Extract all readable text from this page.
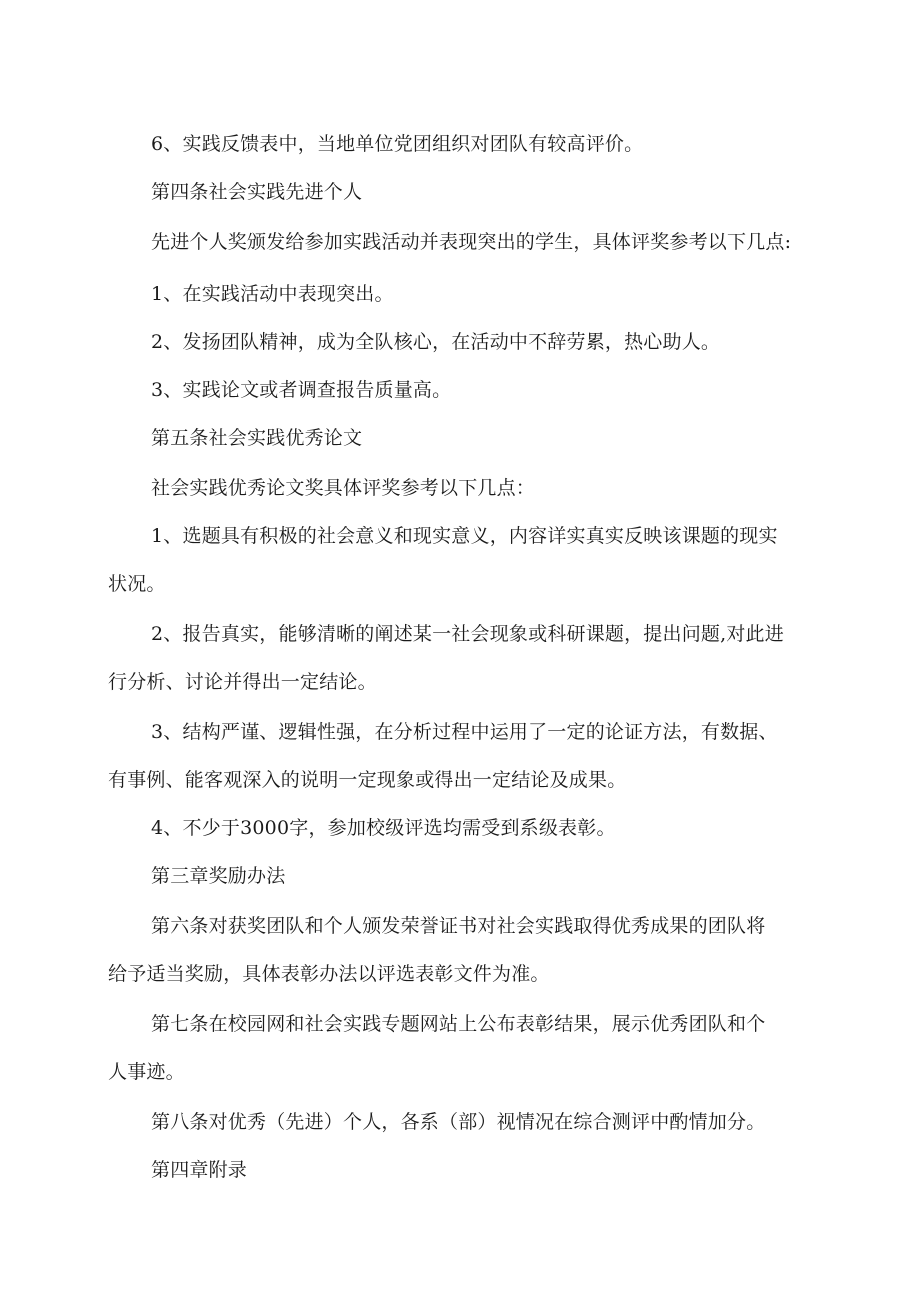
6、实践反馈表中，当地单位党团组织对团队有较高评价。

第四条社会实践先进个人

先进个人奖颁发给参加实践活动并表现突出的学生，具体评奖参考以下几点:

1、在实践活动中表现突出。

2、发扬团队精神，成为全队核心，在活动中不辞劳累，热心助人。

3、实践论文或者调查报告质量高。

第五条社会实践优秀论文

社会实践优秀论文奖具体评奖参考以下几点：

1、选题具有积极的社会意义和现实意义，内容详实真实反映该课题的现实

状况。

2、报告真实，能够清晰的阐述某一社会现象或科研课题，提出问题,对此进

行分析、讨论并得出一定结论。

3、结构严谨、逻辑性强，在分析过程中运用了一定的论证方法，有数据、

有事例、能客观深入的说明一定现象或得出一定结论及成果。

4、不少于3000字，参加校级评选均需受到系级表彰。

第三章奖励办法

第六条对获奖团队和个人颁发荣誉证书对社会实践取得优秀成果的团队将

给予适当奖励，具体表彰办法以评选表彰文件为准。

第七条在校园网和社会实践专题网站上公布表彰结果，展示优秀团队和个

人事迹。

第八条对优秀（先进）个人，各系（部）视情况在综合测评中酌情加分。

第四章附录
